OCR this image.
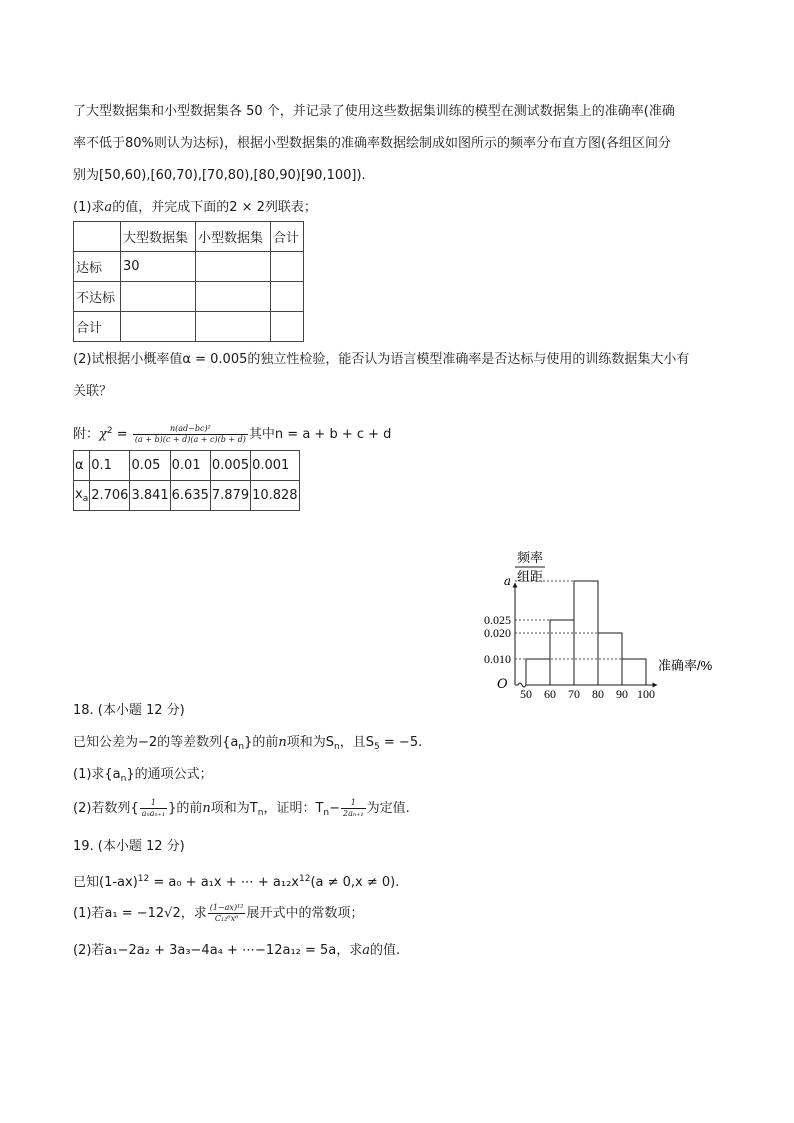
了大型数据集和小型数据集各 50 个，并记录了使用这些数据集训练的模型在测试数据集上的准确率(准确
率不低于80%则认为达标)，根据小型数据集的准确率数据绘制成如图所示的频率分布直方图(各组区间分
别为[50,60),[60,70),[70,80),[80,90)[90,100]).
(1)求a的值，并完成下面的2 × 2列联表；
	大型数据集	小型数据集	合计
达标	30		
不达标			
合计			
(2)试根据小概率值α = 0.005的独立性检验，能否认为语言模型准确率是否达标与使用的训练数据集大小有
关联？
附：$\chi^2 = \frac{\text{n(ad−bc)²}}{(a + b)(c + d)(a + c)(b + d)}$ 其中n = a + b + c + d
α	0.1	0.05	0.01	0.005	0.001
$x_a$	2.706	3.841	6.635	7.879	10.828
频率
组距
O
准确率/%
0.010
0.020
0.025
a
50 60 70 80 90 100
18. (本小题 12 分)
已知公差为−2的等差数列$\{a_n\}$的前n项和为$S_n$，且$S_5 = -5$.
(1)求$\{a_n\}$的通项公式；
(2)若数列{ $\frac{1}{\text{aₙaₙ₊₁}}$ }的前n项和为$T_n$，证明：$T_n- \frac{1}{\text{2aₙ₊₁}}$ 为定值.
19. (本小题 12 分)
已知$(1-ax)^{12} = a_0 + a_1x$ + ⋯ + $a_{12}x^{12}(a \ne 0,x \ne 0)$.
(1)若a₁ = −12√2，求 $\frac{\text{(1−ax)¹²}}{\text{C₁₂⁶x⁶}}$ 展开式中的常数项；
(2)若a₁−2a₂ + 3a₃−4a₄ + ⋯−12a₁₂ = 5a，求a的值.
